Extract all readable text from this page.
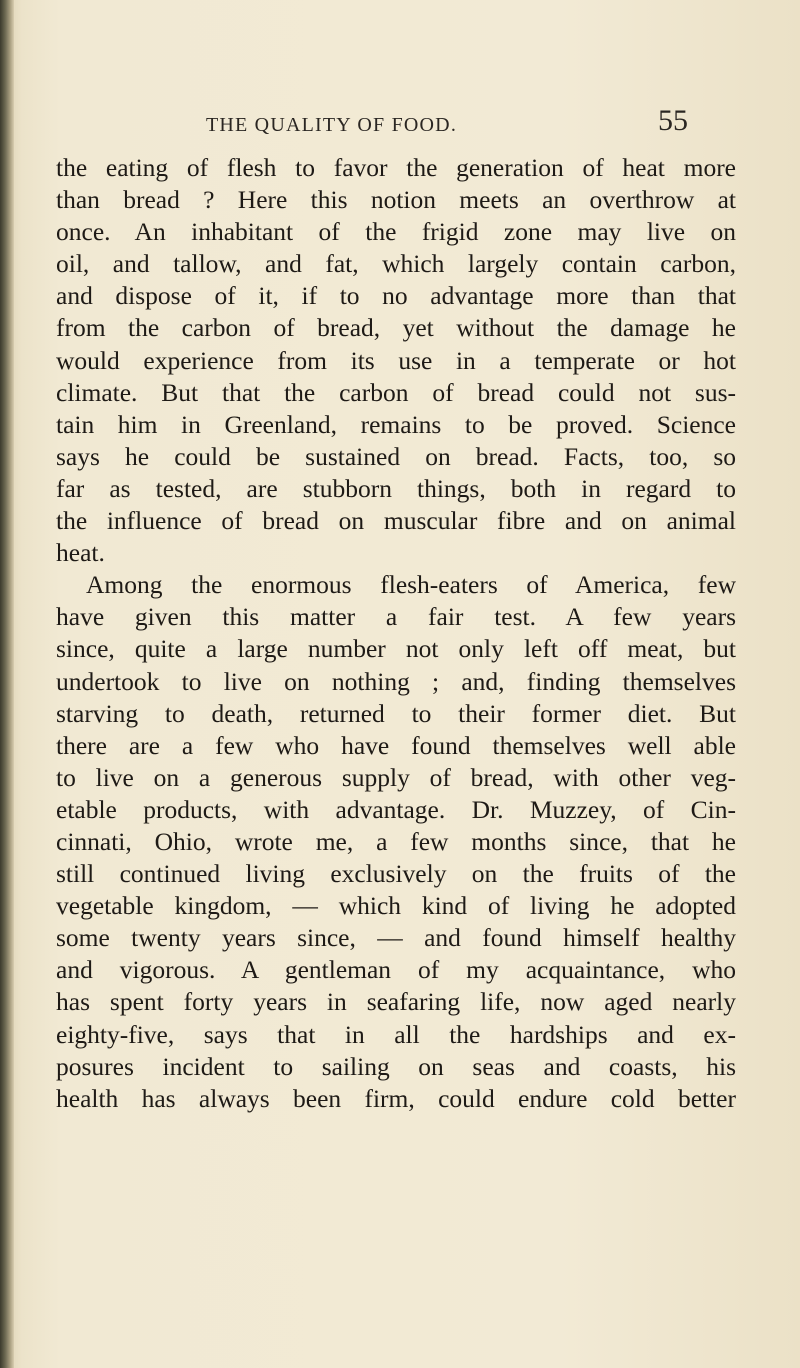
THE QUALITY OF FOOD.	55
the eating of flesh to favor the generation of heat more
than bread ? Here this notion meets an overthrow at
once. An inhabitant of the frigid zone may live on
oil, and tallow, and fat, which largely contain carbon,
and dispose of it, if to no advantage more than that
from the carbon of bread, yet without the damage he
would experience from its use in a temperate or hot
climate. But that the carbon of bread could not sus-
tain him in Greenland, remains to be proved. Science
says he could be sustained on bread. Facts, too, so
far as tested, are stubborn things, both in regard to
the influence of bread on muscular fibre and on animal
heat.
Among the enormous flesh-eaters of America, few
have given this matter a fair test. A few years
since, quite a large number not only left off meat, but
undertook to live on nothing ; and, finding themselves
starving to death, returned to their former diet. But
there are a few who have found themselves well able
to live on a generous supply of bread, with other veg-
etable products, with advantage. Dr. Muzzey, of Cin-
cinnati, Ohio, wrote me, a few months since, that he
still continued living exclusively on the fruits of the
vegetable kingdom, — which kind of living he adopted
some twenty years since, — and found himself healthy
and vigorous. A gentleman of my acquaintance, who
has spent forty years in seafaring life, now aged nearly
eighty-five, says that in all the hardships and ex-
posures incident to sailing on seas and coasts, his
health has always been firm, could endure cold better
